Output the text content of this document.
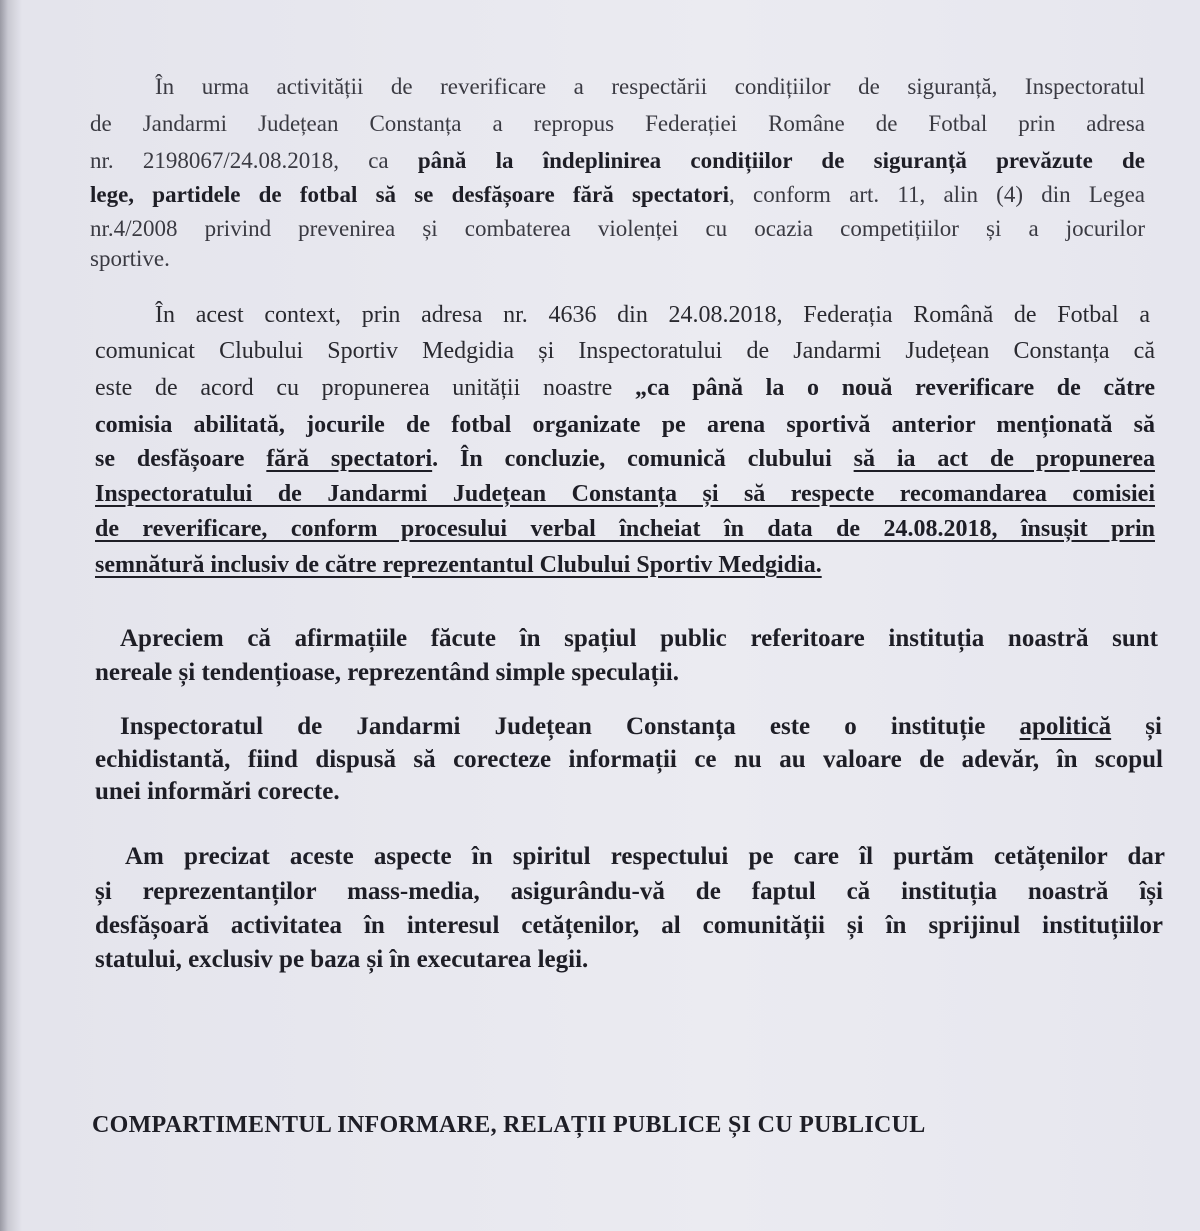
În urma activității de reverificare a respectării condițiilor de siguranță, Inspectoratul
de Jandarmi Județean Constanța a repropus Federației Române de Fotbal prin adresa
nr. 2198067/24.08.2018, ca până la îndeplinirea condițiilor de siguranță prevăzute de
lege, partidele de fotbal să se desfășoare fără spectatori, conform art. 11, alin (4) din Legea
nr.4/2008 privind prevenirea și combaterea violenței cu ocazia competițiilor și a jocurilor
sportive.
În acest context, prin adresa nr. 4636 din 24.08.2018, Federația Română de Fotbal a
comunicat Clubului Sportiv Medgidia și Inspectoratului de Jandarmi Județean Constanța că
este de acord cu propunerea unității noastre „ca până la o nouă reverificare de către
comisia abilitată, jocurile de fotbal organizate pe arena sportivă anterior menționată să
se desfășoare fără spectatori. În concluzie, comunică clubului să ia act de propunerea
Inspectoratului de Jandarmi Județean Constanța și să respecte recomandarea comisiei
de reverificare, conform procesului verbal încheiat în data de 24.08.2018, însușit prin
semnătură inclusiv de către reprezentantul Clubului Sportiv Medgidia.
Apreciem că afirmațiile făcute în spațiul public referitoare instituția noastră sunt
nereale și tendențioase, reprezentând simple speculații.
Inspectoratul de Jandarmi Județean Constanța este o instituție apolitică și
echidistantă, fiind dispusă să corecteze informații ce nu au valoare de adevăr, în scopul
unei informări corecte.
Am precizat aceste aspecte în spiritul respectului pe care îl purtăm cetățenilor dar
și reprezentanților mass-media, asigurându-vă de faptul că instituția noastră își
desfășoară activitatea în interesul cetățenilor, al comunității și în sprijinul instituțiilor
statului, exclusiv pe baza și în executarea legii.
COMPARTIMENTUL INFORMARE, RELAȚII PUBLICE ȘI CU PUBLICUL
